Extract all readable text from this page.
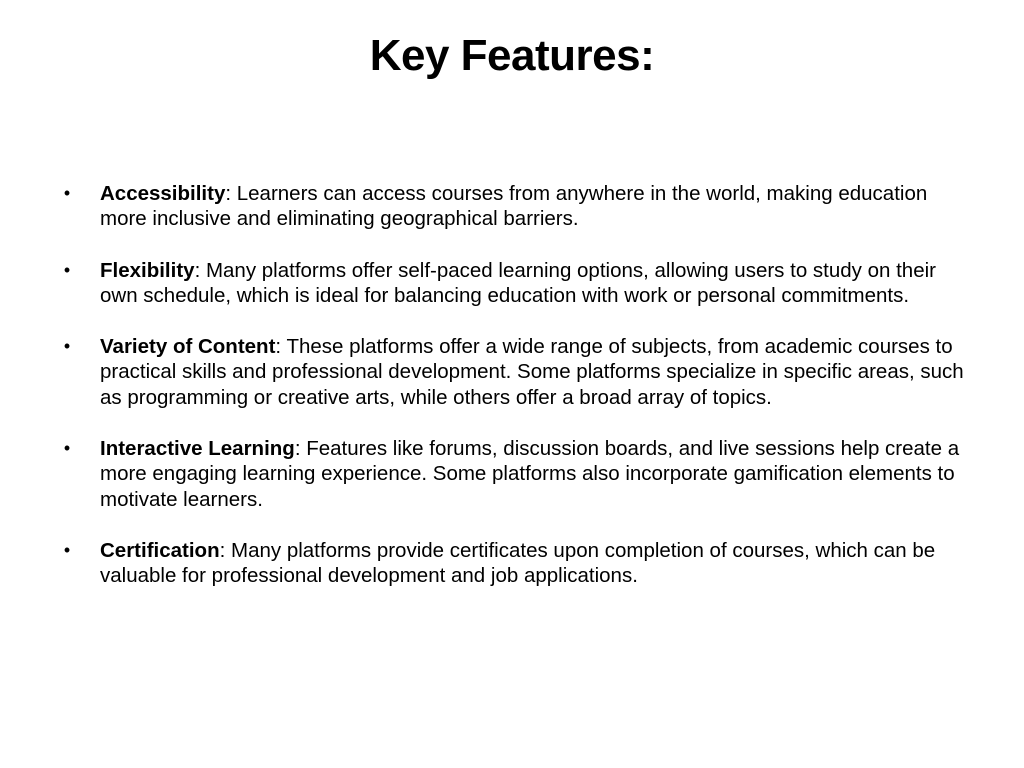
Key Features:
• Accessibility: Learners can access courses from anywhere in the world, making education more inclusive and eliminating geographical barriers.
• Flexibility: Many platforms offer self-paced learning options, allowing users to study on their own schedule, which is ideal for balancing education with work or personal commitments.
• Variety of Content: These platforms offer a wide range of subjects, from academic courses to practical skills and professional development. Some platforms specialize in specific areas, such as programming or creative arts, while others offer a broad array of topics.
• Interactive Learning: Features like forums, discussion boards, and live sessions help create a more engaging learning experience. Some platforms also incorporate gamification elements to motivate learners.
• Certification: Many platforms provide certificates upon completion of courses, which can be valuable for professional development and job applications.
